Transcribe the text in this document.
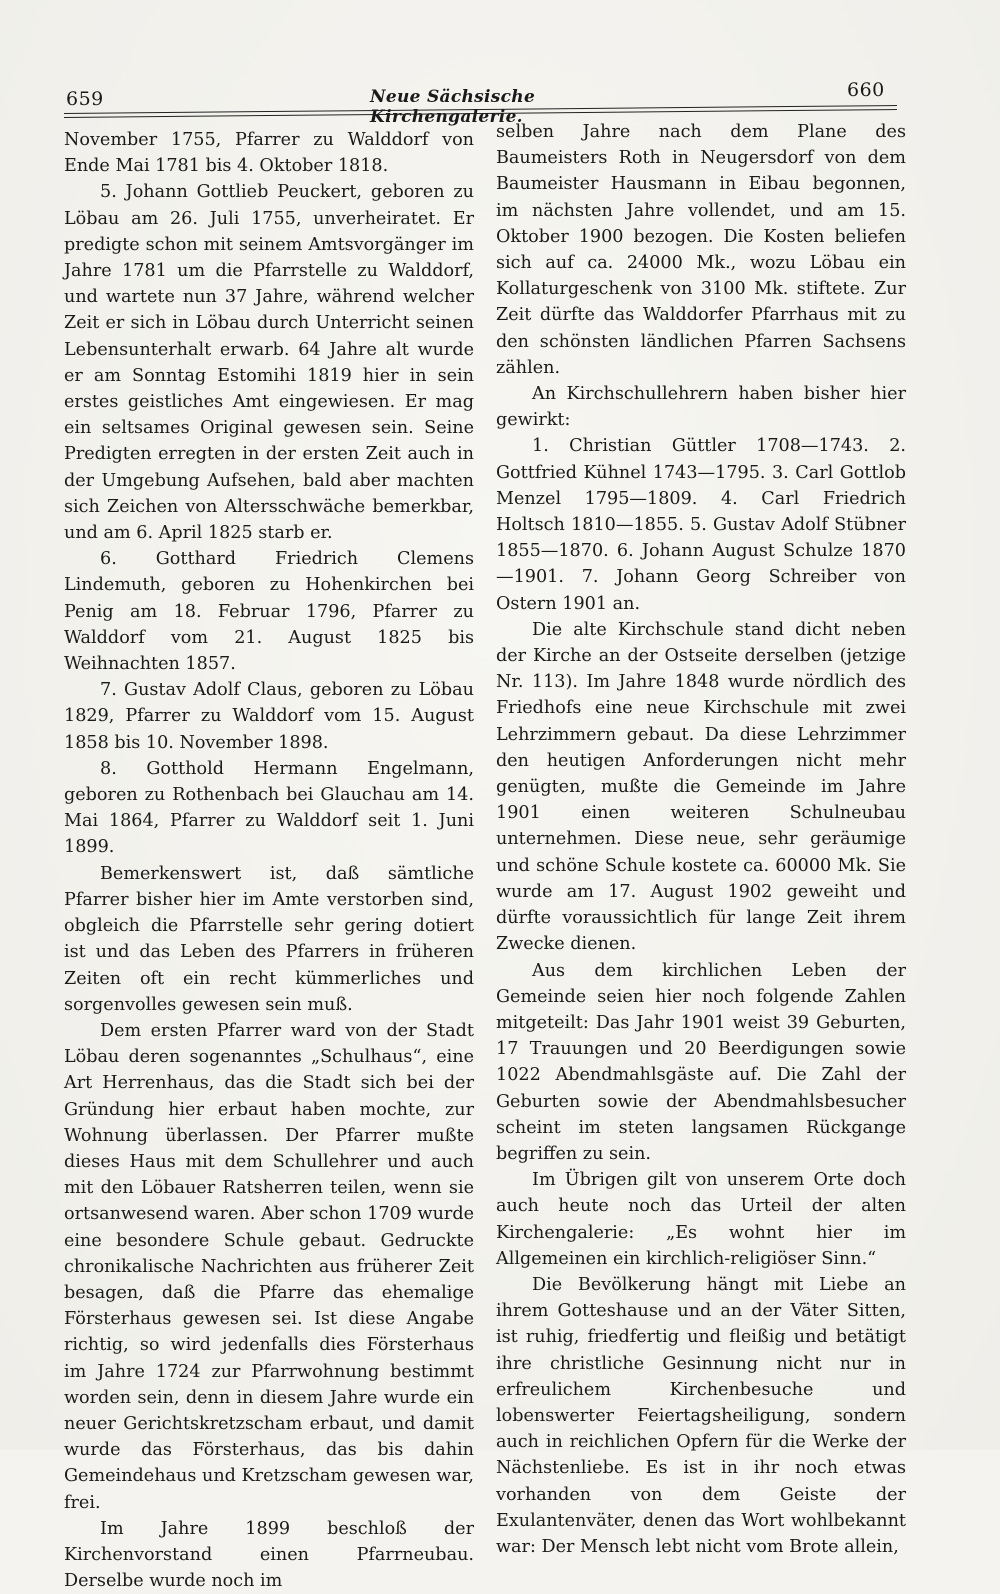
659	Neue Sächsische Kirchengalerie.
660

November 1755, Pfarrer zu Walddorf von Ende Mai 1781 bis 4. Oktober 1818.

5. Johann Gottlieb Peuckert, geboren zu Löbau am 26. Juli 1755, unverheiratet. Er predigte schon mit seinem Amtsvorgänger im Jahre 1781 um die Pfarrstelle zu Walddorf, und wartete nun 37 Jahre, während welcher Zeit er sich in Löbau durch Unterricht seinen Lebensunterhalt erwarb. 64 Jahre alt wurde er am Sonntag Estomihi 1819 hier in sein erstes geistliches Amt eingewiesen. Er mag ein seltsames Original gewesen sein. Seine Predigten erregten in der ersten Zeit auch in der Umgebung Aufsehen, bald aber machten sich Zeichen von Altersschwäche bemerkbar, und am 6. April 1825 starb er.

6. Gotthard Friedrich Clemens Lindemuth, geboren zu Hohenkirchen bei Penig am 18. Februar 1796, Pfarrer zu Walddorf vom 21. August 1825 bis Weihnachten 1857.

7. Gustav Adolf Claus, geboren zu Löbau 1829, Pfarrer zu Walddorf vom 15. August 1858 bis 10. November 1898.

8. Gotthold Hermann Engelmann, geboren zu Rothenbach bei Glauchau am 14. Mai 1864, Pfarrer zu Walddorf seit 1. Juni 1899.

Bemerkenswert ist, daß sämtliche Pfarrer bisher hier im Amte verstorben sind, obgleich die Pfarrstelle sehr gering dotiert ist und das Leben des Pfarrers in früheren Zeiten oft ein recht kümmerliches und sorgenvolles gewesen sein muß.

Dem ersten Pfarrer ward von der Stadt Löbau deren sogenanntes „Schulhaus“, eine Art Herrenhaus, das die Stadt sich bei der Gründung hier erbaut haben mochte, zur Wohnung überlassen. Der Pfarrer mußte dieses Haus mit dem Schullehrer und auch mit den Löbauer Ratsherren teilen, wenn sie ortsanwesend waren. Aber schon 1709 wurde eine besondere Schule gebaut. Gedruckte chronikalische Nachrichten aus früherer Zeit besagen, daß die Pfarre das ehemalige Försterhaus gewesen sei. Ist diese Angabe richtig, so wird jedenfalls dies Försterhaus im Jahre 1724 zur Pfarrwohnung bestimmt worden sein, denn in diesem Jahre wurde ein neuer Gerichtskretzscham erbaut, und damit wurde das Försterhaus, das bis dahin Gemeindehaus und Kretzscham gewesen war, frei.

Im Jahre 1899 beschloß der Kirchenvorstand einen Pfarrneubau. Derselbe wurde noch im

selben Jahre nach dem Plane des Baumeisters Roth in Neugersdorf von dem Baumeister Hausmann in Eibau begonnen, im nächsten Jahre vollendet, und am 15. Oktober 1900 bezogen. Die Kosten beliefen sich auf ca. 24000 Mk., wozu Löbau ein Kollaturgeschenk von 3100 Mk. stiftete. Zur Zeit dürfte das Walddorfer Pfarrhaus mit zu den schönsten ländlichen Pfarren Sachsens zählen.

An Kirchschullehrern haben bisher hier gewirkt:

1. Christian Güttler 1708—1743. 2. Gottfried Kühnel 1743—1795. 3. Carl Gottlob Menzel 1795—1809. 4. Carl Friedrich Holtsch 1810—1855. 5. Gustav Adolf Stübner 1855—1870. 6. Johann August Schulze 1870—1901. 7. Johann Georg Schreiber von Ostern 1901 an.

Die alte Kirchschule stand dicht neben der Kirche an der Ostseite derselben (jetzige Nr. 113). Im Jahre 1848 wurde nördlich des Friedhofs eine neue Kirchschule mit zwei Lehrzimmern gebaut. Da diese Lehrzimmer den heutigen Anforderungen nicht mehr genügten, mußte die Gemeinde im Jahre 1901 einen weiteren Schulneubau unternehmen. Diese neue, sehr geräumige und schöne Schule kostete ca. 60000 Mk. Sie wurde am 17. August 1902 geweiht und dürfte voraussichtlich für lange Zeit ihrem Zwecke dienen.

Aus dem kirchlichen Leben der Gemeinde seien hier noch folgende Zahlen mitgeteilt: Das Jahr 1901 weist 39 Geburten, 17 Trauungen und 20 Beerdigungen sowie 1022 Abendmahlsgäste auf. Die Zahl der Geburten sowie der Abendmahlsbesucher scheint im steten langsamen Rückgange begriffen zu sein.

Im Übrigen gilt von unserem Orte doch auch heute noch das Urteil der alten Kirchengalerie: „Es wohnt hier im Allgemeinen ein kirchlich-religiöser Sinn.“

Die Bevölkerung hängt mit Liebe an ihrem Gotteshause und an der Väter Sitten, ist ruhig, friedfertig und fleißig und betätigt ihre christliche Gesinnung nicht nur in erfreulichem Kirchenbesuche und lobenswerter Feiertagsheiligung, sondern auch in reichlichen Opfern für die Werke der Nächstenliebe. Es ist in ihr noch etwas vorhanden von dem Geiste der Exulantenväter, denen das Wort wohlbekannt war: Der Mensch lebt nicht vom Brote allein,
